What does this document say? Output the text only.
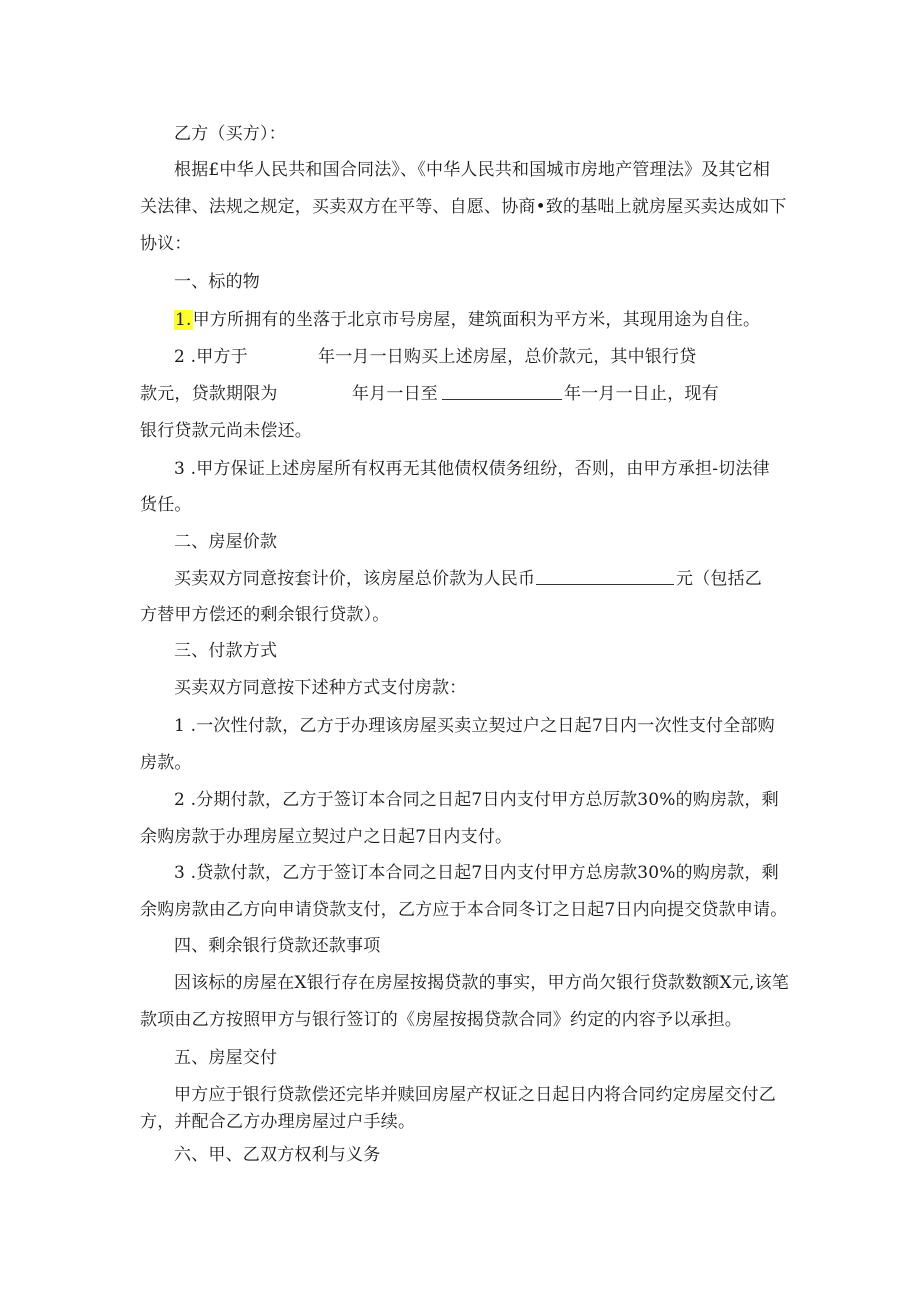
乙方（买方）：
根据£中华人民共和国合同法》、《中华人民共和国城市房地产管理法》及其它相
关法律、法规之规定，买卖双方在平等、自愿、协商•致的基咄上就房屋买卖达成如下
协议：
一、标的物
1.甲方所拥有的坐落于北京市号房屋，建筑面积为平方米，其现用途为自住。
2 .甲方于	年一月一日购买上述房屋，总价款元，其中银行贷
款元，贷款期限为	年月一日至	年一月一日止，现有
银行贷款元尚未偿还。
3 .甲方保证上述房屋所有权再无其他债权债务纽纷，否则，由甲方承担-切法律
货任。
二、房屋价款
买卖双方同意按套计价，该房屋总价款为人民币	元（包括乙
方替甲方偿还的剩余银行贷款）。
三、付款方式
买卖双方同意按下述种方式支付房款：
1 .一次性付款，乙方于办理该房屋买卖立契过户之日起7日内一次性支付全部购
房款。
2 .分期付款，乙方于签订本合同之日起7日内支付甲方总厉款30%的购房款，剩
余购房款于办理房屋立契过户之日起7日内支付。
3 .贷款付款，乙方于签订本合同之日起7日内支付甲方总房款30%的购房款，剩
余购房款由乙方向申请贷款支付，乙方应于本合同冬订之日起7日内向提交贷款申请。
四、剩余银行贷款还款事项
因该标的房屋在X银行存在房屋按揭贷款的事实，甲方尚欠银行贷款数额X元,该笔
款项由乙方按照甲方与银行签订的《房屋按揭贷款合同》约定的内容予以承担。
五、房屋交付
甲方应于银行贷款偿还完毕并赎回房屋产权证之日起日内将合同约定房屋交付乙
方，并配合乙方办理房屋过户手续。
六、甲、乙双方权利与义务
